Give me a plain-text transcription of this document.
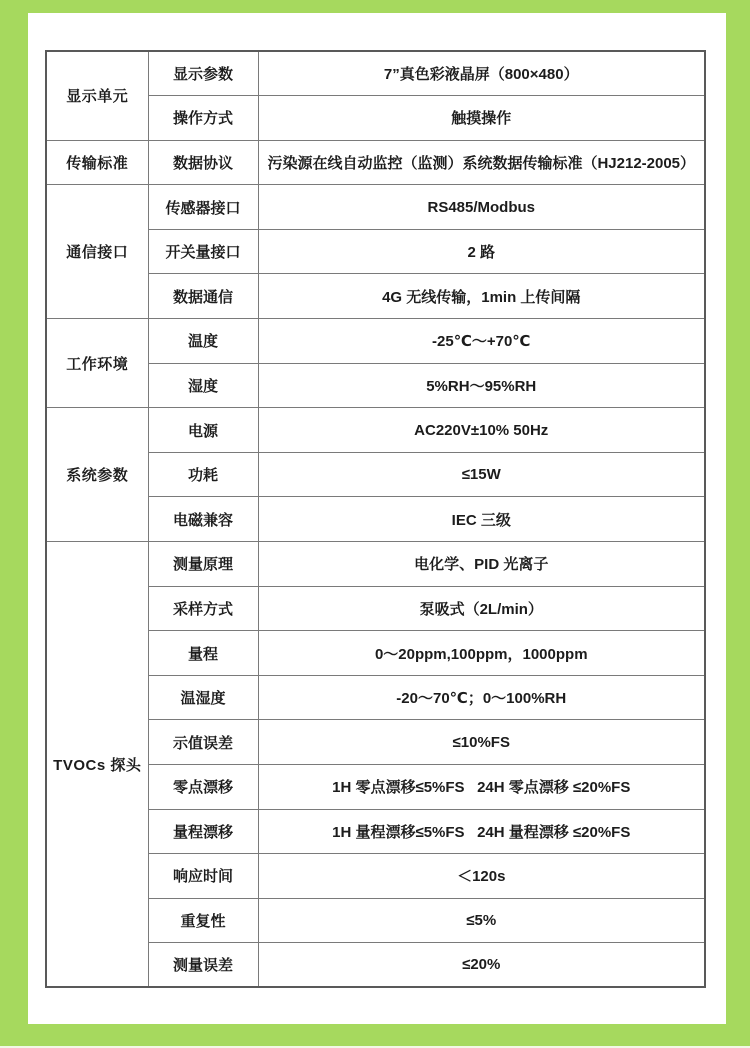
显示单元	显示参数	7”真色彩液晶屏（800×480）
	操作方式	触摸操作
传输标准	数据协议	污染源在线自动监控（监测）系统数据传输标准（HJ212-2005）
通信接口	传感器接口	RS485/Modbus
	开关量接口	2 路
	数据通信	4G 无线传输，1min 上传间隔
工作环境	温度	-25℃～+70℃
	湿度	5%RH～95%RH
系统参数	电源	AC220V±10% 50Hz
	功耗	≤15W
	电磁兼容	IEC 三级
TVOCs 探头	测量原理	电化学、PID 光离子
	采样方式	泵吸式（2L/min）
	量程	0～20ppm,100ppm，1000ppm
	温湿度	-20～70℃；0～100%RH
	示值误差	≤10%FS
	零点漂移	1H 零点漂移≤5%FS   24H 零点漂移 ≤20%FS
	量程漂移	1H 量程漂移≤5%FS   24H 量程漂移 ≤20%FS
	响应时间	＜120s
	重复性	≤5%
	测量误差	≤20%
